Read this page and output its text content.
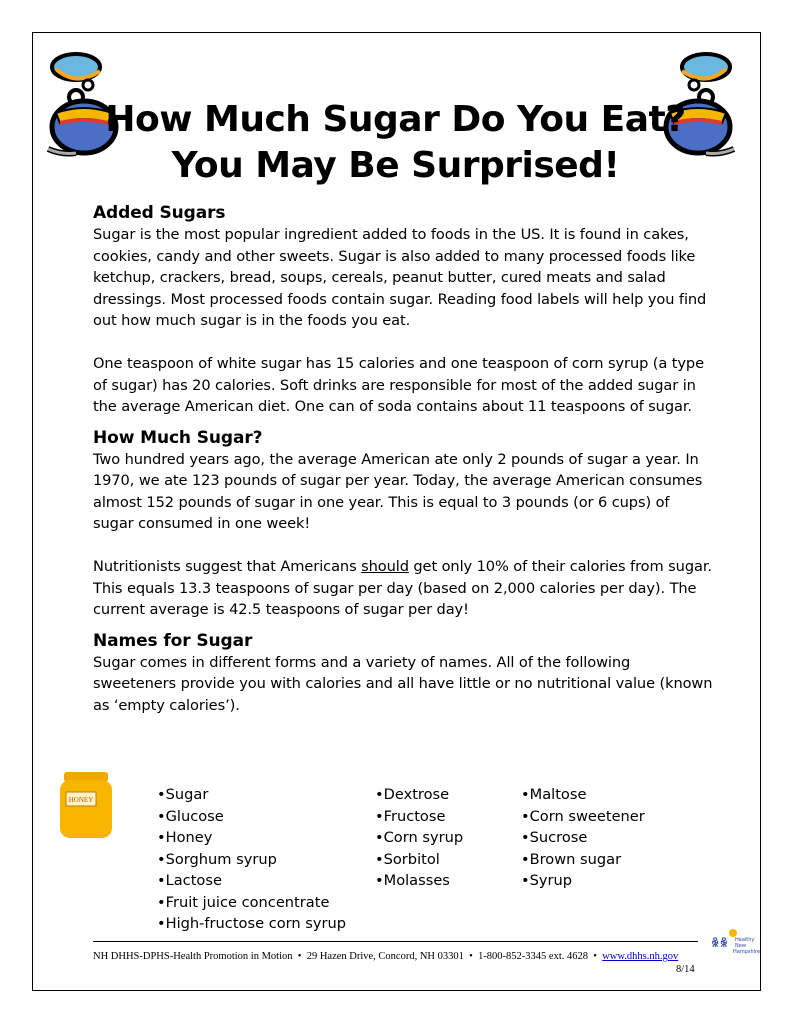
How Much Sugar Do You Eat?
You May Be Surprised!
Added Sugars

Sugar is the most popular ingredient added to foods in the US. It is found in cakes, cookies, candy and other sweets. Sugar is also added to many processed foods like ketchup, crackers, bread, soups, cereals, peanut butter, cured meats and salad dressings. Most processed foods contain sugar. Reading food labels will help you find out how much sugar is in the foods you eat.

One teaspoon of white sugar has 15 calories and one teaspoon of corn syrup (a type of sugar) has 20 calories. Soft drinks are responsible for most of the added sugar in the average American diet. One can of soda contains about 11 teaspoons of sugar.

How Much Sugar?

Two hundred years ago, the average American ate only 2 pounds of sugar a year. In 1970, we ate 123 pounds of sugar per year. Today, the average American consumes almost 152 pounds of sugar in one year. This is equal to 3 pounds (or 6 cups) of sugar consumed in one week!

Nutritionists suggest that Americans should get only 10% of their calories from sugar. This equals 13.3 teaspoons of sugar per day (based on 2,000 calories per day). The current average is 42.5 teaspoons of sugar per day!

Names for Sugar

Sugar comes in different forms and a variety of names. All of the following sweeteners provide you with calories and all have little or no nutritional value (known as ‘empty calories’).

HONEY	• Sugar
• Glucose
• Honey
• Sorghum syrup
• Lactose
• Fruit juice concentrate
• High-fructose corn syrup
• Dextrose
• Fructose
• Corn syrup
• Sorbitol
• Molasses
• Maltose
• Corn sweetener
• Sucrose
• Brown sugar
• Syrup
NH DHHS-DPHS-Health Promotion in Motion  •  29 Hazen Drive, Concord, NH 03301  •  1-800-852-3345 ext. 4628  •  www.dhhs.nh.gov
8/14
ꆜꆜ Healthy
New
Hampshire
